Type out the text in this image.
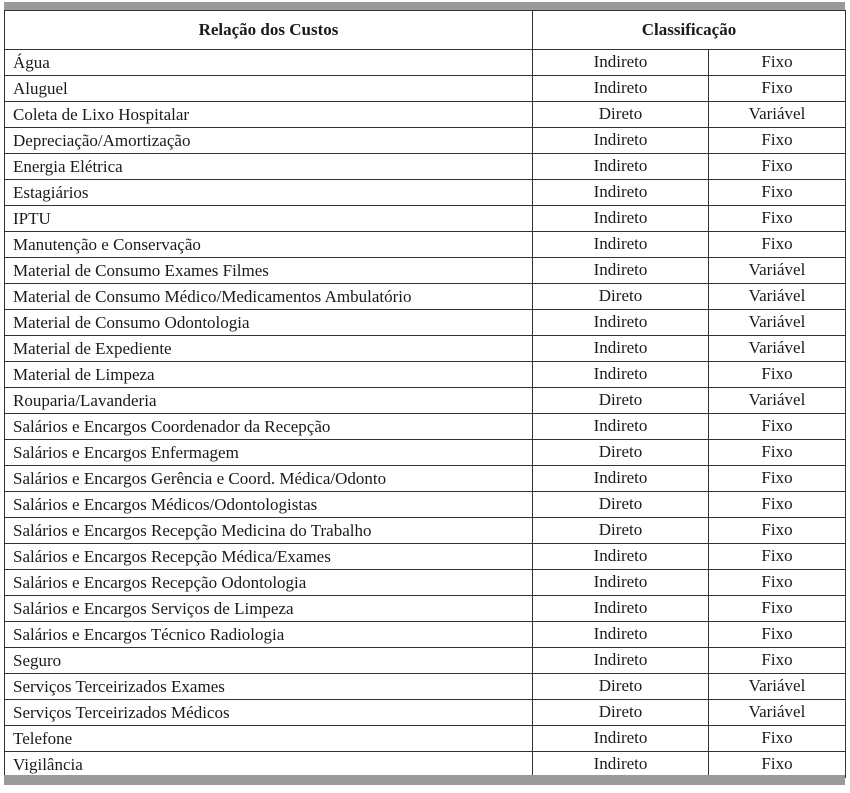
Relação dos Custos	Classificação	
Água	Indireto	Fixo
Aluguel	Indireto	Fixo
Coleta de Lixo Hospitalar	Direto	Variável
Depreciação/Amortização	Indireto	Fixo
Energia Elétrica	Indireto	Fixo
Estagiários	Indireto	Fixo
IPTU	Indireto	Fixo
Manutenção e Conservação	Indireto	Fixo
Material de Consumo Exames Filmes	Indireto	Variável
Material de Consumo Médico/Medicamentos Ambulatório	Direto	Variável
Material de Consumo Odontologia	Indireto	Variável
Material de Expediente	Indireto	Variável
Material de Limpeza	Indireto	Fixo
Rouparia/Lavanderia	Direto	Variável
Salários e Encargos Coordenador da Recepção	Indireto	Fixo
Salários e Encargos Enfermagem	Direto	Fixo
Salários e Encargos Gerência e Coord. Médica/Odonto	Indireto	Fixo
Salários e Encargos Médicos/Odontologistas	Direto	Fixo
Salários e Encargos Recepção Medicina do Trabalho	Direto	Fixo
Salários e Encargos Recepção Médica/Exames	Indireto	Fixo
Salários e Encargos Recepção Odontologia	Indireto	Fixo
Salários e Encargos Serviços de Limpeza	Indireto	Fixo
Salários e Encargos Técnico Radiologia	Indireto	Fixo
Seguro	Indireto	Fixo
Serviços Terceirizados Exames	Direto	Variável
Serviços Terceirizados Médicos	Direto	Variável
Telefone	Indireto	Fixo
Vigilância	Indireto	Fixo
